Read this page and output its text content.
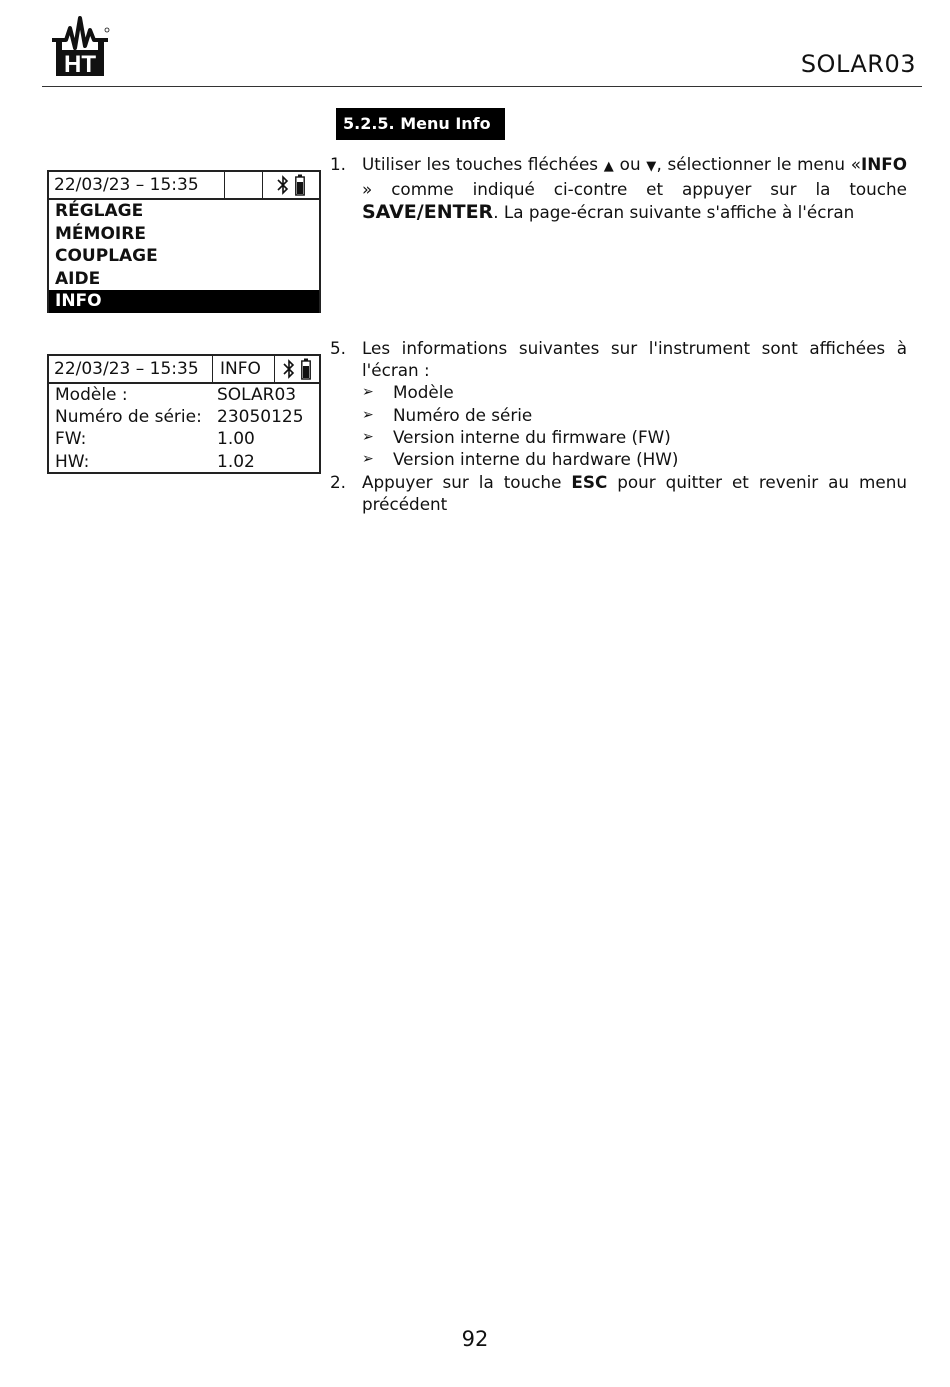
HT	SOLAR03
5.2.5. Menu Info
22/03/23 – 15:35
RÉGLAGE
MÉMOIRE
COUPLAGE
AIDE
INFO
22/03/23 – 15:35	INFO
Modèle :	SOLAR03
Numéro de série: 23050125
FW:	1.00
HW:	1.02
1. Utiliser les touches fléchées ▲ ou ▼, sélectionner le menu «INFO » comme indiqué ci-contre et appuyer sur la touche SAVE/ENTER. La page-écran suivante s'affiche à l'écran
5. Les informations suivantes sur l'instrument sont affichées à
l'écran :
➢ Modèle
➢ Numéro de série
➢ Version interne du firmware (FW)
➢ Version interne du hardware (HW)
2. Appuyer sur la touche ESC pour quitter et revenir au menu
précédent
92
